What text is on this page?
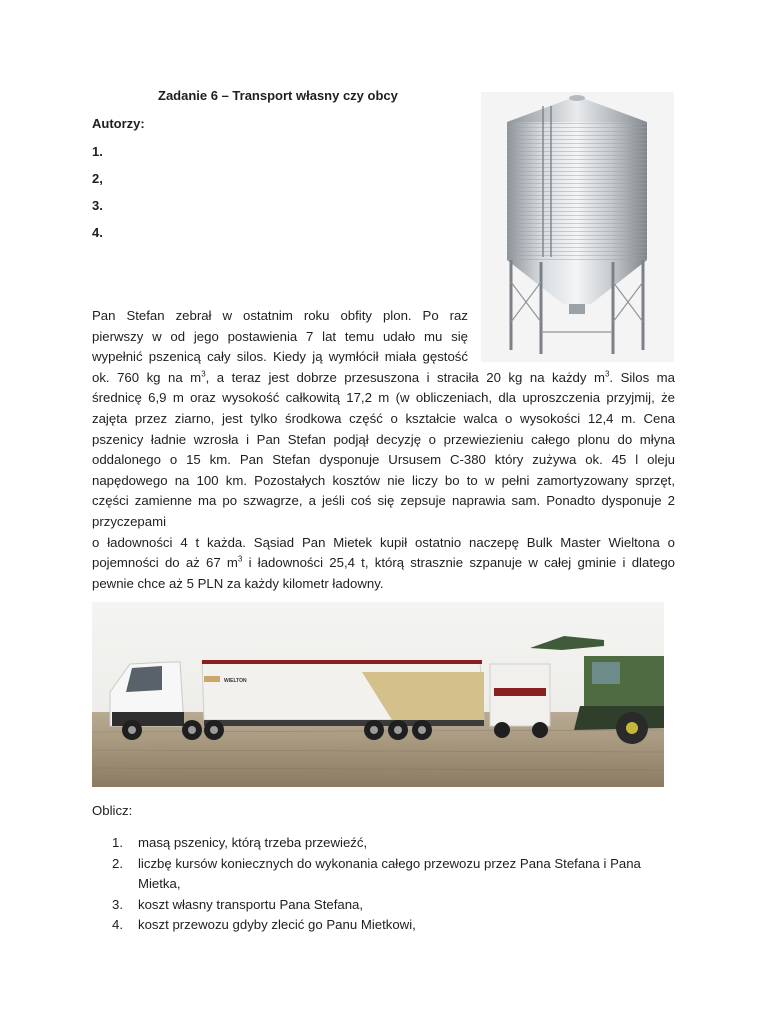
Zadanie 6 – Transport własny czy obcy
Autorzy:
1.
2,
3.
4.

Pan Stefan zebrał w ostatnim roku obfity plon. Po raz
pierwszy w od jego postawienia 7 lat temu udało mu się
wypełnić pszenicą cały silos. Kiedy ją wymłócił miała gęstość
ok. 760 kg na $m^3$, a teraz jest dobrze przesuszona i straciła 20 kg na każdy $m^3$. Silos ma
średnicę 6,9 m oraz wysokość całkowitą 17,2 m (w obliczeniach, dla uproszczenia przyjmij, że
zajęta przez ziarno, jest tylko środkowa część o kształcie walca o wysokości 12,4 m. Cena
pszenicy ładnie wzrosła i Pan Stefan podjął decyzję o przewiezieniu całego plonu do młyna
oddalonego o 15 km. Pan Stefan dysponuje Ursusem C-380 który zużywa ok. 45 l oleju
napędowego na 100 km. Pozostałych kosztów nie liczy bo to w pełni zamortyzowany sprzęt,
części zamienne ma po szwagrze, a jeśli coś się zepsuje naprawia sam. Ponadto dysponuje 2
przyczepami
o ładowności 4 t każda. Sąsiad Pan Mietek kupił ostatnio naczepę Bulk Master Wieltona o
pojemności do aż 67 $m^3$ i ładowności 25,4 t, którą strasznie szpanuje w całej gminie i dlatego
pewnie chce aż 5 PLN za każdy kilometr ładowny.

WIELTON
Oblicz:
1. masą pszenicy, którą trzeba przewieźć,
2. liczbę kursów koniecznych do wykonania całego przewozu przez Pana Stefana i Pana Mietka,
3. koszt własny transportu Pana Stefana,
4. koszt przewozu gdyby zlecić go Panu Mietkowi,
